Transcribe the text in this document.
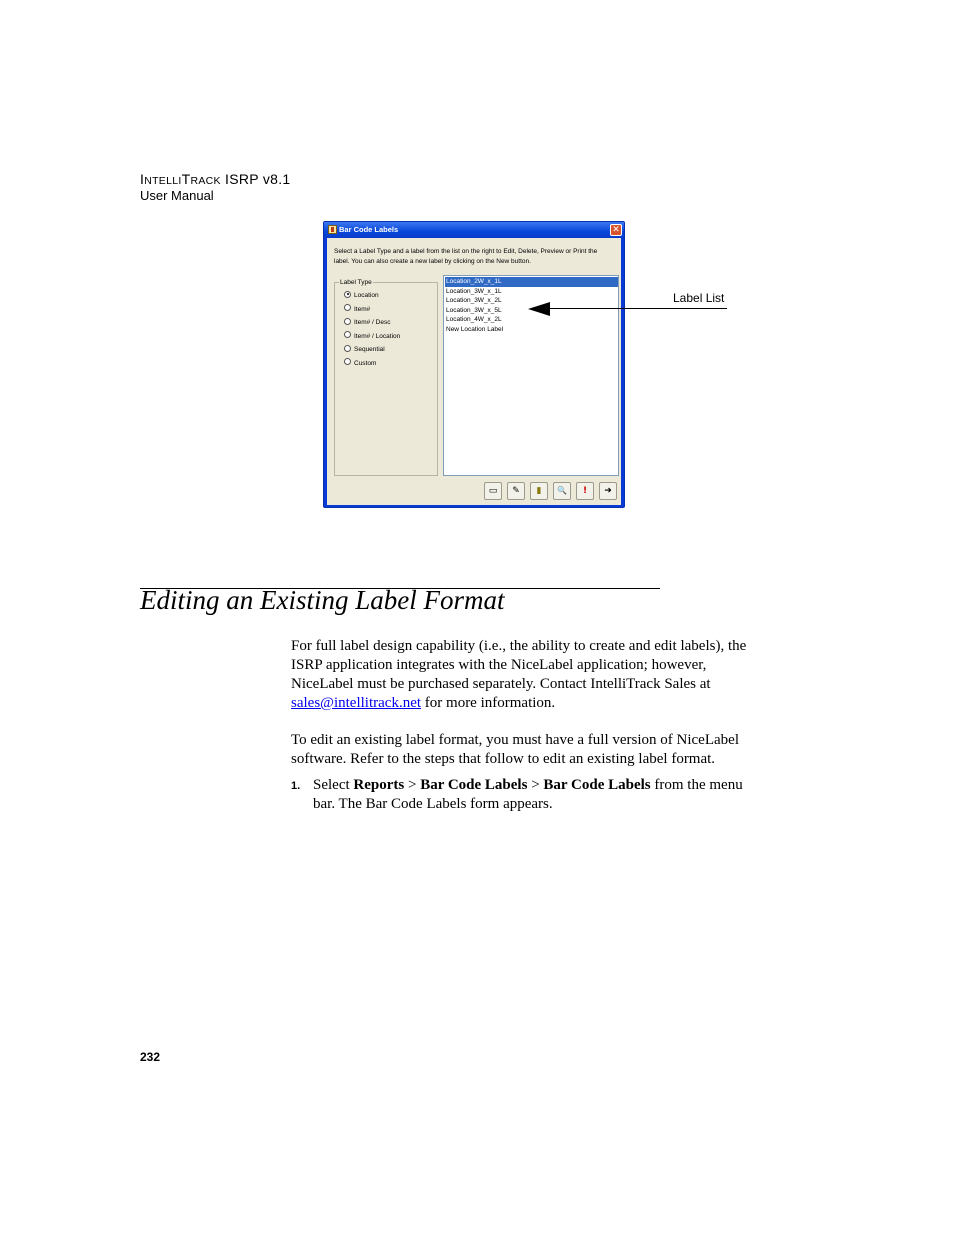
INTELLITRACK ISRP v8.1
User Manual
Bar Code Labels	✕
Select a Label Type and a label from the list on the right to Edit, Delete, Preview or Print the label. You can also create a new label by clicking on the New button.
Label Type
Location
Item#
Item# / Desc
Item# / Location
Sequential
Custom
Location_2W_x_1L
Location_3W_x_1L
Location_3W_x_2L
Location_3W_x_5L
Location_4W_x_2L
New Location Label
▭	✎	▮	🔍	!	➜
Label List
Editing an Existing Label Format
For full label design capability (i.e., the ability to create and edit labels), the ISRP application integrates with the NiceLabel application; however, NiceLabel must be purchased separately. Contact IntelliTrack Sales at sales@intellitrack.net for more information.
To edit an existing label format, you must have a full version of NiceLabel software. Refer to the steps that follow to edit an existing label format.
1. Select Reports > Bar Code Labels > Bar Code Labels from the menu bar. The Bar Code Labels form appears.
232
